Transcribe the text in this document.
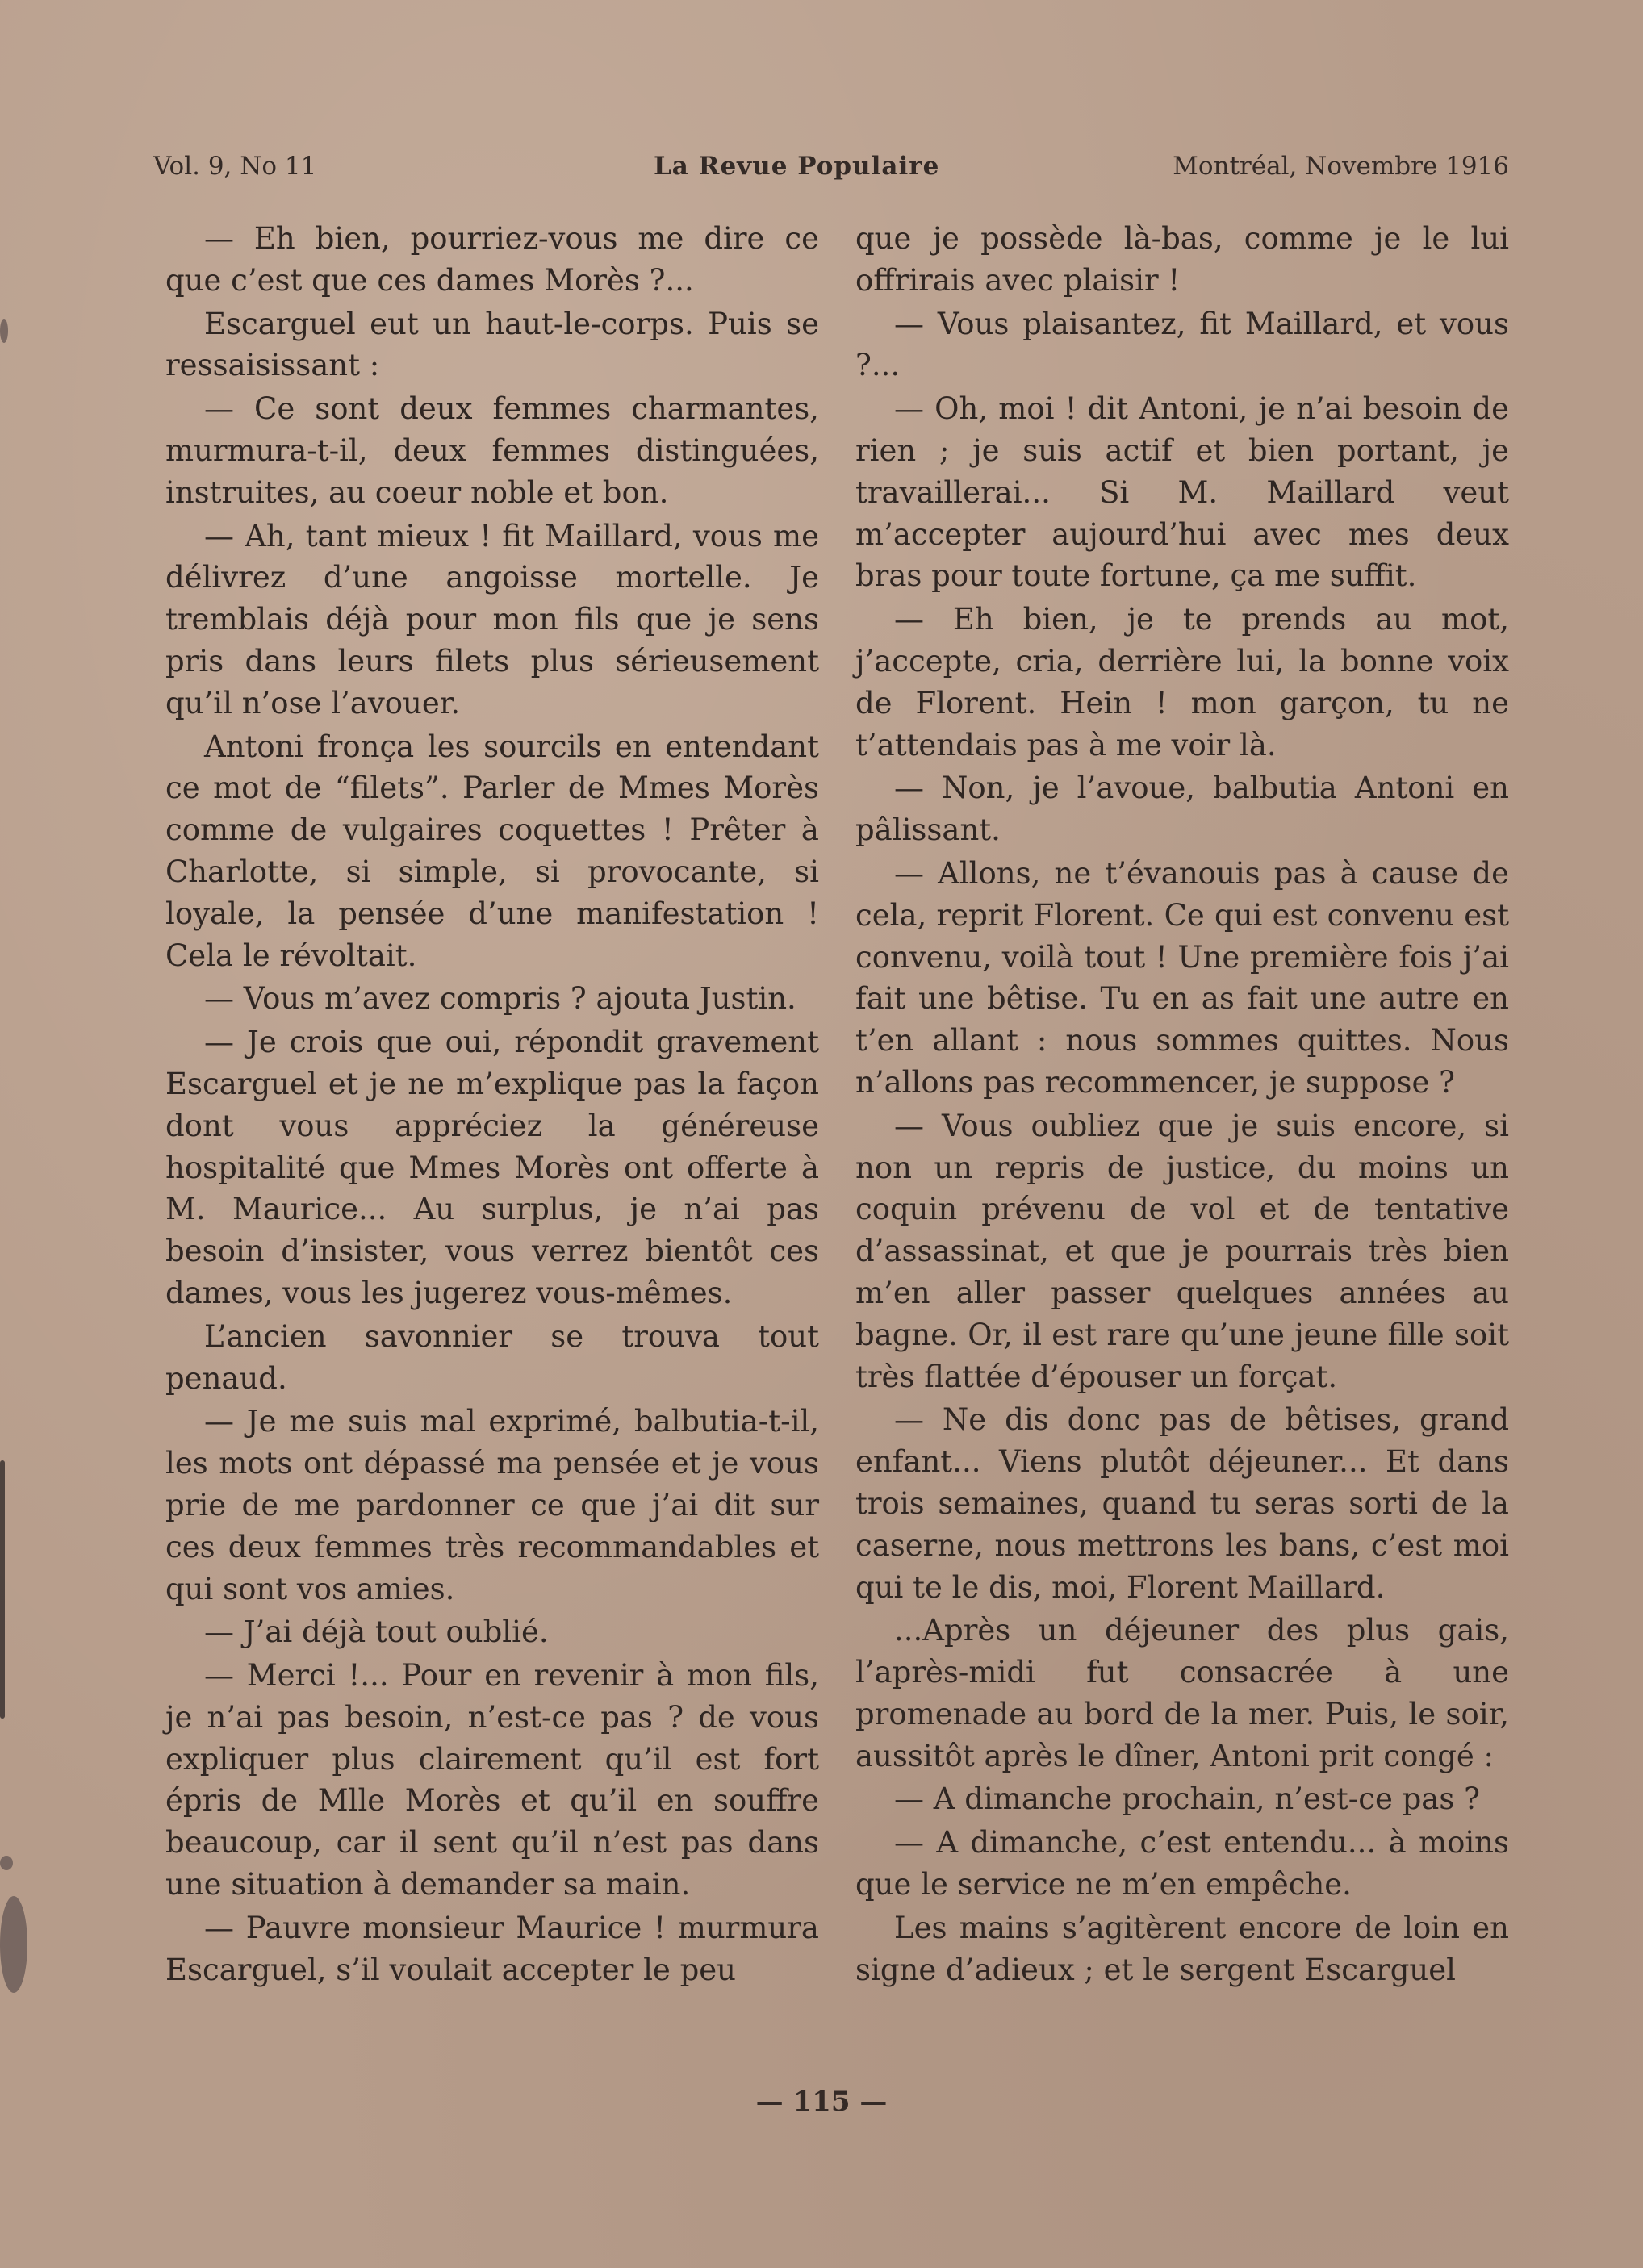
Vol. 9, No 11	La Revue Populaire	Montréal, Novembre 1916

— Eh bien, pourriez-vous me dire ce que c’est que ces dames Morès ?...

Escarguel eut un haut-le-corps. Puis se ressaisissant :

— Ce sont deux femmes charmantes, murmura-t-il, deux femmes distinguées, instruites, au coeur noble et bon.

— Ah, tant mieux ! fit Maillard, vous me délivrez d’une angoisse mortelle. Je tremblais déjà pour mon fils que je sens pris dans leurs filets plus sérieusement qu’il n’ose l’avouer.

Antoni fronça les sourcils en entendant ce mot de “filets”. Parler de Mmes Morès comme de vulgaires coquettes ! Prêter à Charlotte, si simple, si provocante, si loyale, la pensée d’une manifestation ! Cela le révoltait.

— Vous m’avez compris ? ajouta Justin.

— Je crois que oui, répondit gravement Escarguel et je ne m’explique pas la façon dont vous appréciez la généreuse hospitalité que Mmes Morès ont offerte à M. Maurice... Au surplus, je n’ai pas besoin d’insister, vous verrez bientôt ces dames, vous les jugerez vous-mêmes.

L’ancien savonnier se trouva tout penaud.

— Je me suis mal exprimé, balbutia-t-il, les mots ont dépassé ma pensée et je vous prie de me pardonner ce que j’ai dit sur ces deux femmes très recommandables et qui sont vos amies.

— J’ai déjà tout oublié.

— Merci !... Pour en revenir à mon fils, je n’ai pas besoin, n’est-ce pas ? de vous expliquer plus clairement qu’il est fort épris de Mlle Morès et qu’il en souffre beaucoup, car il sent qu’il n’est pas dans une situation à demander sa main.

— Pauvre monsieur Maurice ! murmura Escarguel, s’il voulait accepter le peu

que je possède là-bas, comme je le lui offrirais avec plaisir !

— Vous plaisantez, fit Maillard, et vous ?...

— Oh, moi ! dit Antoni, je n’ai besoin de rien ; je suis actif et bien portant, je travaillerai... Si M. Maillard veut m’accepter aujourd’hui avec mes deux bras pour toute fortune, ça me suffit.

— Eh bien, je te prends au mot, j’accepte, cria, derrière lui, la bonne voix de Florent. Hein ! mon garçon, tu ne t’attendais pas à me voir là.

— Non, je l’avoue, balbutia Antoni en pâlissant.

— Allons, ne t’évanouis pas à cause de cela, reprit Florent. Ce qui est convenu est convenu, voilà tout ! Une première fois j’ai fait une bêtise. Tu en as fait une autre en t’en allant : nous sommes quittes. Nous n’allons pas recommencer, je suppose ?

— Vous oubliez que je suis encore, si non un repris de justice, du moins un coquin prévenu de vol et de tentative d’assassinat, et que je pourrais très bien m’en aller passer quelques années au bagne. Or, il est rare qu’une jeune fille soit très flattée d’épouser un forçat.

— Ne dis donc pas de bêtises, grand enfant... Viens plutôt déjeuner... Et dans trois semaines, quand tu seras sorti de la caserne, nous mettrons les bans, c’est moi qui te le dis, moi, Florent Maillard.

...Après un déjeuner des plus gais, l’après-midi fut consacrée à une promenade au bord de la mer. Puis, le soir, aussitôt après le dîner, Antoni prit congé :

— A dimanche prochain, n’est-ce pas ?

— A dimanche, c’est entendu... à moins que le service ne m’en empêche.

Les mains s’agitèrent encore de loin en signe d’adieux ; et le sergent Escarguel

— 115 —
